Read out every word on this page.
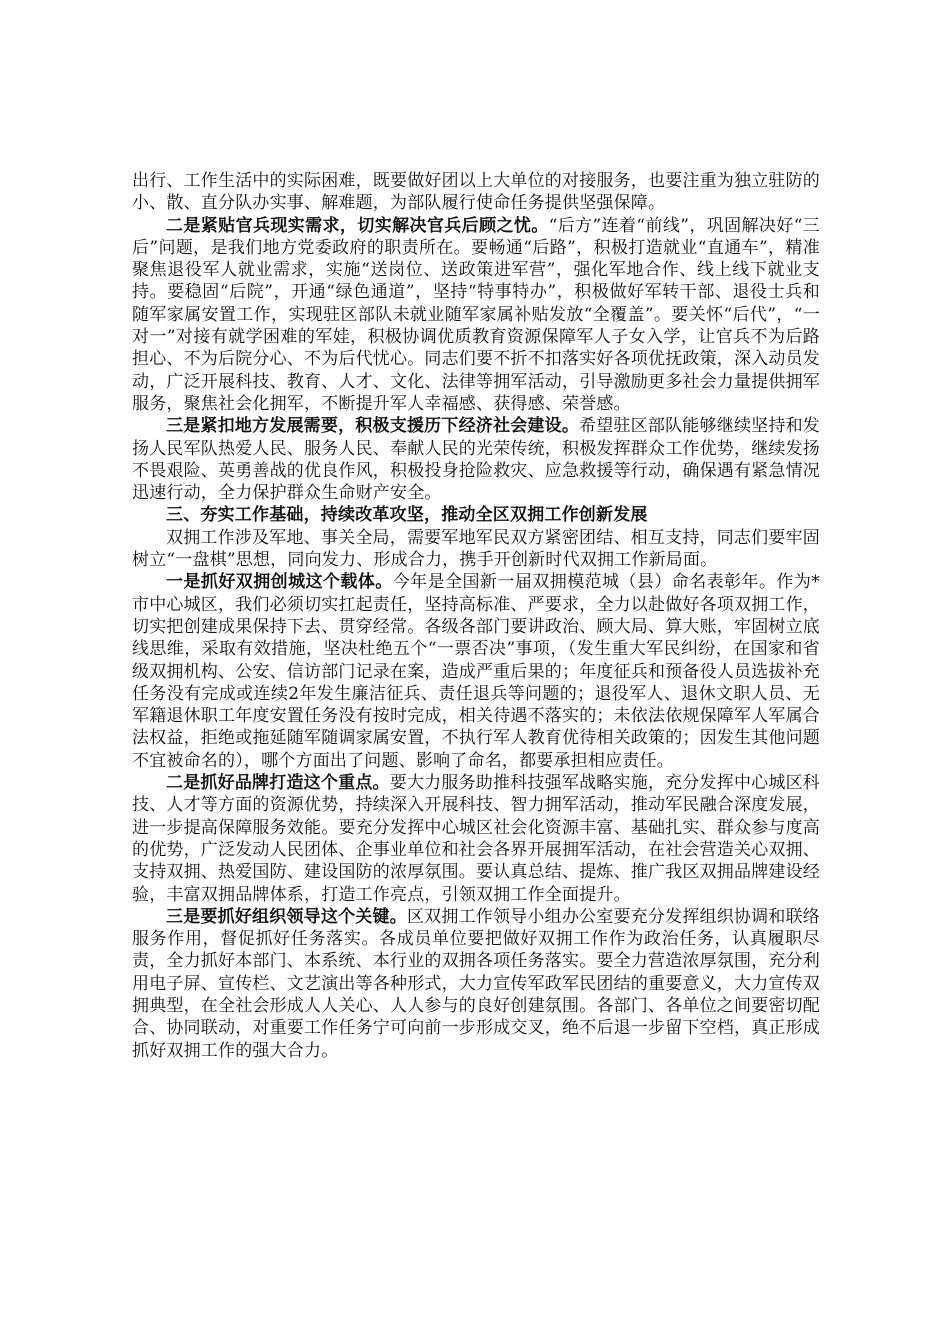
出行、工作生活中的实际困难，既要做好团以上大单位的对接服务，也要注重为独立驻防的小、散、直分队办实事、解难题，为部队履行使命任务提供坚强保障。

二是紧贴官兵现实需求，切实解决官兵后顾之忧。“后方”连着“前线”，巩固解决好“三后”问题，是我们地方党委政府的职责所在。要畅通“后路”，积极打造就业“直通车”，精准聚焦退役军人就业需求，实施“送岗位、送政策进军营”，强化军地合作、线上线下就业支持。要稳固“后院”，开通“绿色通道”，坚持“特事特办”，积极做好军转干部、退役士兵和随军家属安置工作，实现驻区部队未就业随军家属补贴发放“全覆盖”。要关怀“后代”，“一对一”对接有就学困难的军娃，积极协调优质教育资源保障军人子女入学，让官兵不为后路担心、不为后院分心、不为后代忧心。同志们要不折不扣落实好各项优抚政策，深入动员发动，广泛开展科技、教育、人才、文化、法律等拥军活动，引导激励更多社会力量提供拥军服务，聚焦社会化拥军，不断提升军人幸福感、获得感、荣誉感。

三是紧扣地方发展需要，积极支援历下经济社会建设。希望驻区部队能够继续坚持和发扬人民军队热爱人民、服务人民、奉献人民的光荣传统，积极发挥群众工作优势，继续发扬不畏艰险、英勇善战的优良作风，积极投身抢险救灾、应急救援等行动，确保遇有紧急情况迅速行动，全力保护群众生命财产安全。

三、夯实工作基础，持续改革攻坚，推动全区双拥工作创新发展

双拥工作涉及军地、事关全局，需要军地军民双方紧密团结、相互支持，同志们要牢固树立“一盘棋”思想，同向发力、形成合力，携手开创新时代双拥工作新局面。

一是抓好双拥创城这个载体。今年是全国新一届双拥模范城（县）命名表彰年。作为*市中心城区，我们必须切实扛起责任，坚持高标准、严要求，全力以赴做好各项双拥工作，切实把创建成果保持下去、贯穿经常。各级各部门要讲政治、顾大局、算大账，牢固树立底线思维，采取有效措施，坚决杜绝五个“一票否决”事项，（发生重大军民纠纷，在国家和省级双拥机构、公安、信访部门记录在案，造成严重后果的；年度征兵和预备役人员选拔补充任务没有完成或连续2年发生廉洁征兵、责任退兵等问题的；退役军人、退休文职人员、无军籍退休职工年度安置任务没有按时完成，相关待遇不落实的；未依法依规保障军人军属合法权益，拒绝或拖延随军随调家属安置，不执行军人教育优待相关政策的；因发生其他问题不宜被命名的），哪个方面出了问题、影响了命名，都要承担相应责任。

二是抓好品牌打造这个重点。要大力服务助推科技强军战略实施，充分发挥中心城区科技、人才等方面的资源优势，持续深入开展科技、智力拥军活动，推动军民融合深度发展，进一步提高保障服务效能。要充分发挥中心城区社会化资源丰富、基础扎实、群众参与度高的优势，广泛发动人民团体、企事业单位和社会各界开展拥军活动，在社会营造关心双拥、支持双拥、热爱国防、建设国防的浓厚氛围。要认真总结、提炼、推广我区双拥品牌建设经验，丰富双拥品牌体系，打造工作亮点，引领双拥工作全面提升。

三是要抓好组织领导这个关键。区双拥工作领导小组办公室要充分发挥组织协调和联络服务作用，督促抓好任务落实。各成员单位要把做好双拥工作作为政治任务，认真履职尽责，全力抓好本部门、本系统、本行业的双拥各项任务落实。要全力营造浓厚氛围，充分利用电子屏、宣传栏、文艺演出等各种形式，大力宣传军政军民团结的重要意义，大力宣传双拥典型，在全社会形成人人关心、人人参与的良好创建氛围。各部门、各单位之间要密切配合、协同联动，对重要工作任务宁可向前一步形成交叉，绝不后退一步留下空档，真正形成抓好双拥工作的强大合力。
